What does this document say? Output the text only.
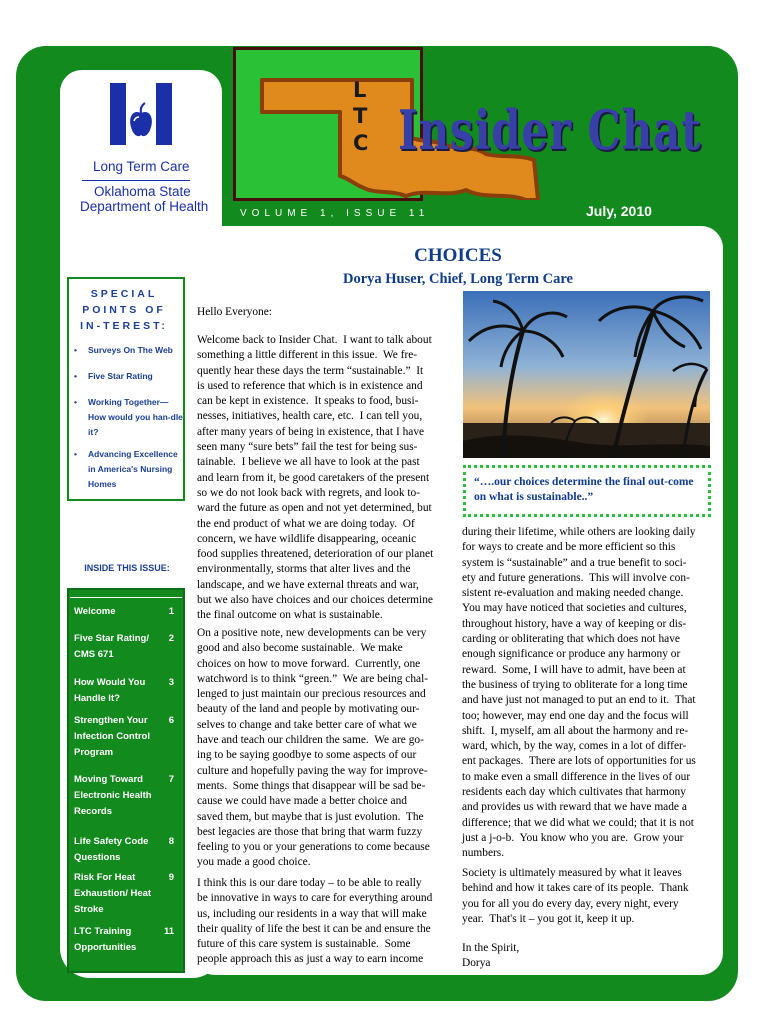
Long Term Care
Oklahoma State
Department of Health
L
T
C Insider Chat
VOLUME 1, ISSUE 11	July, 2010
CHOICES
Dorya Huser, Chief, Long Term Care
SPECIAL POINTS OF IN-TEREST:
• Surveys On The Web
• Five Star Rating
• Working Together—How would you han-dle it?
• Advancing Excellence in America's Nursing Homes
INSIDE THIS ISSUE:
Welcome	1
Five Star Rating/ CMS 671
2
How Would You Handle It?
3
Strengthen Your Infection Control Program
6
Moving Toward Electronic Health Records
7
Life Safety Code Questions
8
Risk For Heat Exhaustion/ Heat Stroke
9
LTC Training Opportunities
11
Hello Everyone:
Welcome back to Insider Chat.  I want to talk about
something a little different in this issue.  We fre-
quently hear these days the term “sustainable.”  It
is used to reference that which is in existence and
can be kept in existence.  It speaks to food, busi-
nesses, initiatives, health care, etc.  I can tell you,
after many years of being in existence, that I have
seen many “sure bets” fail the test for being sus-
tainable.  I believe we all have to look at the past
and learn from it, be good caretakers of the present
so we do not look back with regrets, and look to-
ward the future as open and not yet determined, but
the end product of what we are doing today.  Of
concern, we have wildlife disappearing, oceanic
food supplies threatened, deterioration of our planet
environmentally, storms that alter lives and the
landscape, and we have external threats and war,
but we also have choices and our choices determine
the final outcome on what is sustainable.
On a positive note, new developments can be very
good and also become sustainable.  We make
choices on how to move forward.  Currently, one
watchword is to think “green.”  We are being chal-
lenged to just maintain our precious resources and
beauty of the land and people by motivating our-
selves to change and take better care of what we
have and teach our children the same.  We are go-
ing to be saying goodbye to some aspects of our
culture and hopefully paving the way for improve-
ments.  Some things that disappear will be sad be-
cause we could have made a better choice and
saved them, but maybe that is just evolution.  The
best legacies are those that bring that warm fuzzy
feeling to you or your generations to come because
you made a good choice.
I think this is our dare today – to be able to really
be innovative in ways to care for everything around
us, including our residents in a way that will make
their quality of life the best it can be and ensure the
future of this care system is sustainable.  Some
people approach this as just a way to earn income
“….our choices determine the final out-come on what is sustainable..”
during their lifetime, while others are looking daily
for ways to create and be more efficient so this
system is “sustainable” and a true benefit to soci-
ety and future generations.  This will involve con-
sistent re-evaluation and making needed change.
You may have noticed that societies and cultures,
throughout history, have a way of keeping or dis-
carding or obliterating that which does not have
enough significance or produce any harmony or
reward.  Some, I will have to admit, have been at
the business of trying to obliterate for a long time
and have just not managed to put an end to it.  That
too; however, may end one day and the focus will
shift.  I, myself, am all about the harmony and re-
ward, which, by the way, comes in a lot of differ-
ent packages.  There are lots of opportunities for us
to make even a small difference in the lives of our
residents each day which cultivates that harmony
and provides us with reward that we have made a
difference; that we did what we could; that it is not
just a j-o-b.  You know who you are.  Grow your
numbers.
Society is ultimately measured by what it leaves
behind and how it takes care of its people.  Thank
you for all you do every day, every night, every
year.  That's it – you got it, keep it up.
In the Spirit,
Dorya
